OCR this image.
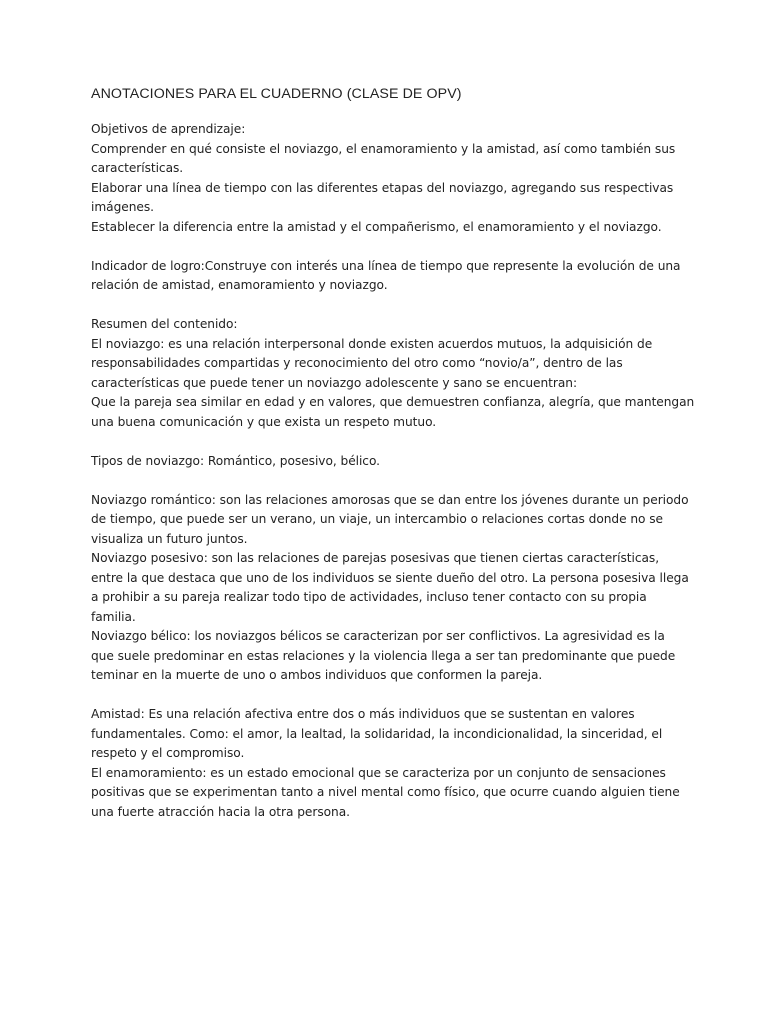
ANOTACIONES PARA EL CUADERNO (CLASE DE OPV)
Objetivos de aprendizaje:
Comprender en qué consiste el noviazgo, el enamoramiento y la amistad, así como también sus
características.
Elaborar una línea de tiempo con las diferentes etapas del noviazgo, agregando sus respectivas
imágenes.
Establecer la diferencia entre la amistad y el compañerismo, el enamoramiento y el noviazgo.
Indicador de logro:Construye con interés una línea de tiempo que represente la evolución de una
relación de amistad, enamoramiento y noviazgo.
Resumen del contenido:
El noviazgo: es una relación interpersonal donde existen acuerdos mutuos, la adquisición de
responsabilidades compartidas y reconocimiento del otro como “novio/a”, dentro de las
características que puede tener un noviazgo adolescente y sano se encuentran:
Que la pareja sea similar en edad y en valores, que demuestren confianza, alegría, que mantengan
una buena comunicación y que exista un respeto mutuo.
Tipos de noviazgo: Romántico, posesivo, bélico.
Noviazgo romántico: son las relaciones amorosas que se dan entre los jóvenes durante un periodo
de tiempo, que puede ser un verano, un viaje, un intercambio o relaciones cortas donde no se
visualiza un futuro juntos.
Noviazgo posesivo: son las relaciones de parejas posesivas que tienen ciertas características,
entre la que destaca que uno de los individuos se siente dueño del otro. La persona posesiva llega
a prohibir a su pareja realizar todo tipo de actividades, incluso tener contacto con su propia
familia.
Noviazgo bélico: los noviazgos bélicos se caracterizan por ser conflictivos. La agresividad es la
que suele predominar en estas relaciones y la violencia llega a ser tan predominante que puede
teminar en la muerte de uno o ambos individuos que conformen la pareja.
Amistad: Es una relación afectiva entre dos o más individuos que se sustentan en valores
fundamentales. Como: el amor, la lealtad, la solidaridad, la incondicionalidad, la sinceridad, el
respeto y el compromiso.
El enamoramiento: es un estado emocional que se caracteriza por un conjunto de sensaciones
positivas que se experimentan tanto a nivel mental como físico, que ocurre cuando alguien tiene
una fuerte atracción hacia la otra persona.
